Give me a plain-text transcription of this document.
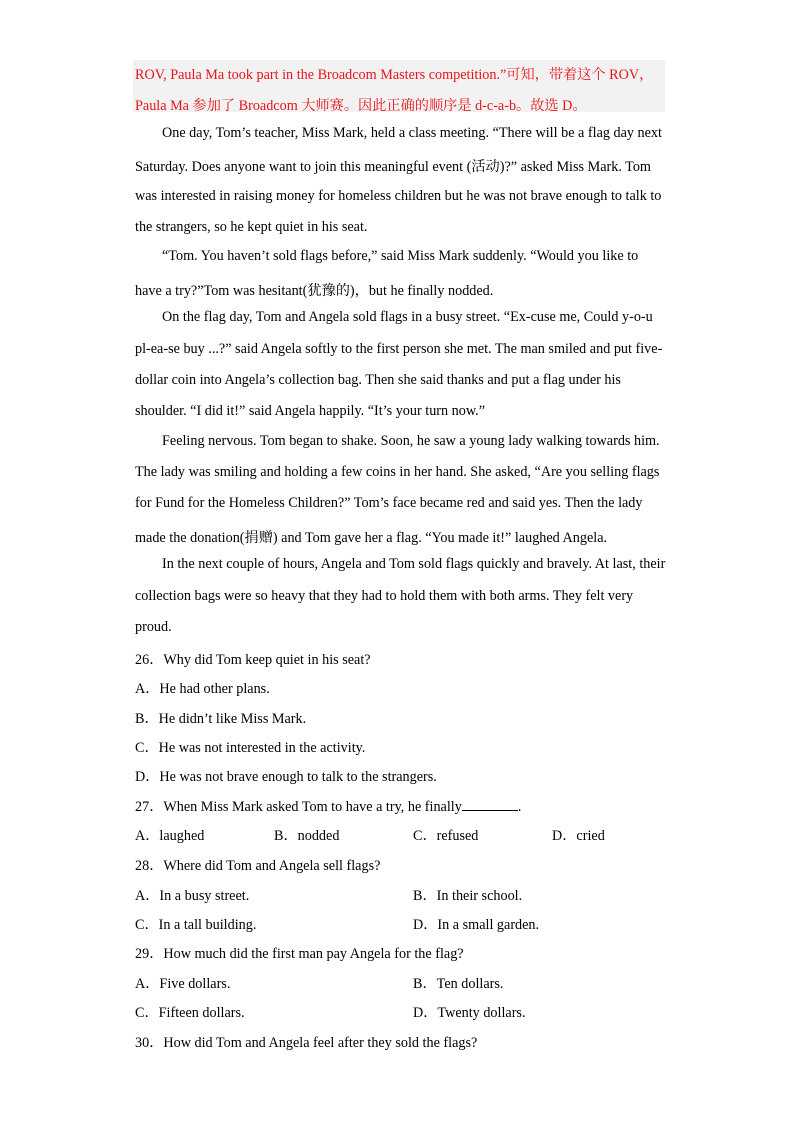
ROV, Paula Ma took part in the Broadcom Masters competition.”可知，带着这个 ROV，
Paula Ma 参加了 Broadcom 大师赛。因此正确的顺序是 d-c-a-b。故选 D。
One day, Tom’s teacher, Miss Mark, held a class meeting. “There will be a flag day next
Saturday. Does anyone want to join this meaningful event (活动)?” asked Miss Mark. Tom
was interested in raising money for homeless children but he was not brave enough to talk to
the strangers, so he kept quiet in his seat.
“Tom. You haven’t sold flags before,” said Miss Mark suddenly. “Would you like to
have a try?”Tom was hesitant(犹豫的)，but he finally nodded.
On the flag day, Tom and Angela sold flags in a busy street. “Ex-cuse me, Could y-o-u
pl-ea-se buy ...?” said Angela softly to the first person she met. The man smiled and put five-
dollar coin into Angela’s collection bag. Then she said thanks and put a flag under his
shoulder. “I did it!” said Angela happily. “It’s your turn now.”
Feeling nervous. Tom began to shake. Soon, he saw a young lady walking towards him.
The lady was smiling and holding a few coins in her hand. She asked, “Are you selling flags
for Fund for the Homeless Children?” Tom’s face became red and said yes. Then the lady
made the donation(捐赠) and Tom gave her a flag. “You made it!” laughed Angela.
In the next couple of hours, Angela and Tom sold flags quickly and bravely. At last, their
collection bags were so heavy that they had to hold them with both arms. They felt very
proud.
26．Why did Tom keep quiet in his seat?
A．He had other plans.
B．He didn’t like Miss Mark.
C．He was not interested in the activity.
D．He was not brave enough to talk to the strangers.
27．When Miss Mark asked Tom to have a try, he finally	.
A．laughed	B．nodded	C．refused	D．cried
28．Where did Tom and Angela sell flags?
A．In a busy street.	B．In their school.
C．In a tall building.	D．In a small garden.
29．How much did the first man pay Angela for the flag?
A．Five dollars.	B．Ten dollars.
C．Fifteen dollars.	D．Twenty dollars.
30．How did Tom and Angela feel after they sold the flags?
